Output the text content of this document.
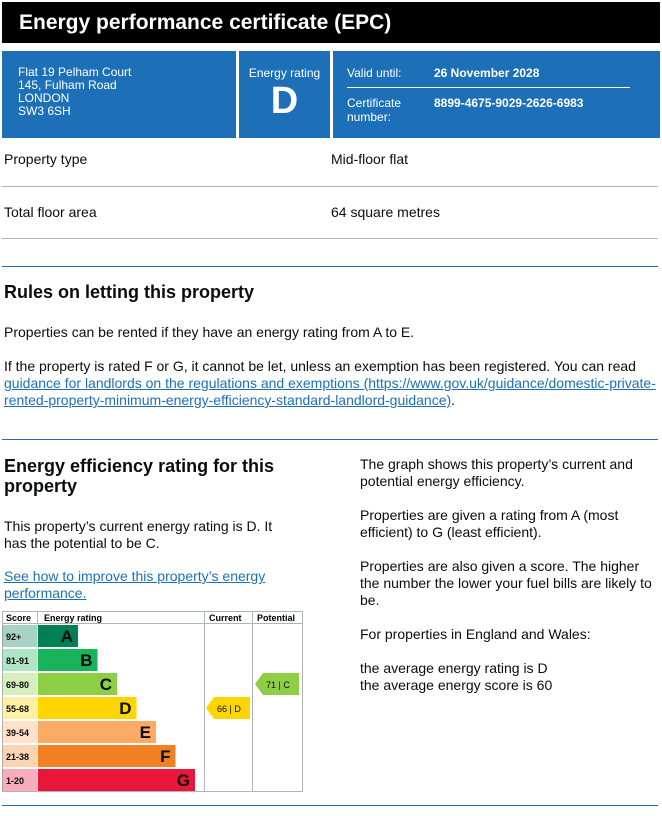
Energy performance certificate (EPC)
Flat 19 Pelham Court
145, Fulham Road
LONDON
SW3 6SH
Energy rating
D
Valid until:	26 November 2028
Certificate
number:
8899-4675-9029-2626-6983
Property type	Mid-floor flat
Total floor area	64 square metres
Rules on letting this property
Properties can be rented if they have an energy rating from A to E.
If the property is rated F or G, it cannot be let, unless an exemption has been registered. You can read
guidance for landlords on the regulations and exemptions (https://www.gov.uk/guidance/domestic-private-
rented-property-minimum-energy-efficiency-standard-landlord-guidance).
Energy efficiency rating for this
property
This property’s current energy rating is D. It
has the potential to be C.
See how to improve this property’s energy
performance.
Score Energy rating	Current Potential
92+ A
81-91	B
69-80	C
55-68	D
39-54	E
21-38	F
1-20	G
66 | D
71 | C

The graph shows this property’s current and potential energy efficiency.

Properties are given a rating from A (most efficient) to G (least efficient).

Properties are also given a score. The higher the number the lower your fuel bills are likely to be.

For properties in England and Wales:

the average energy rating is D

the average energy score is 60
